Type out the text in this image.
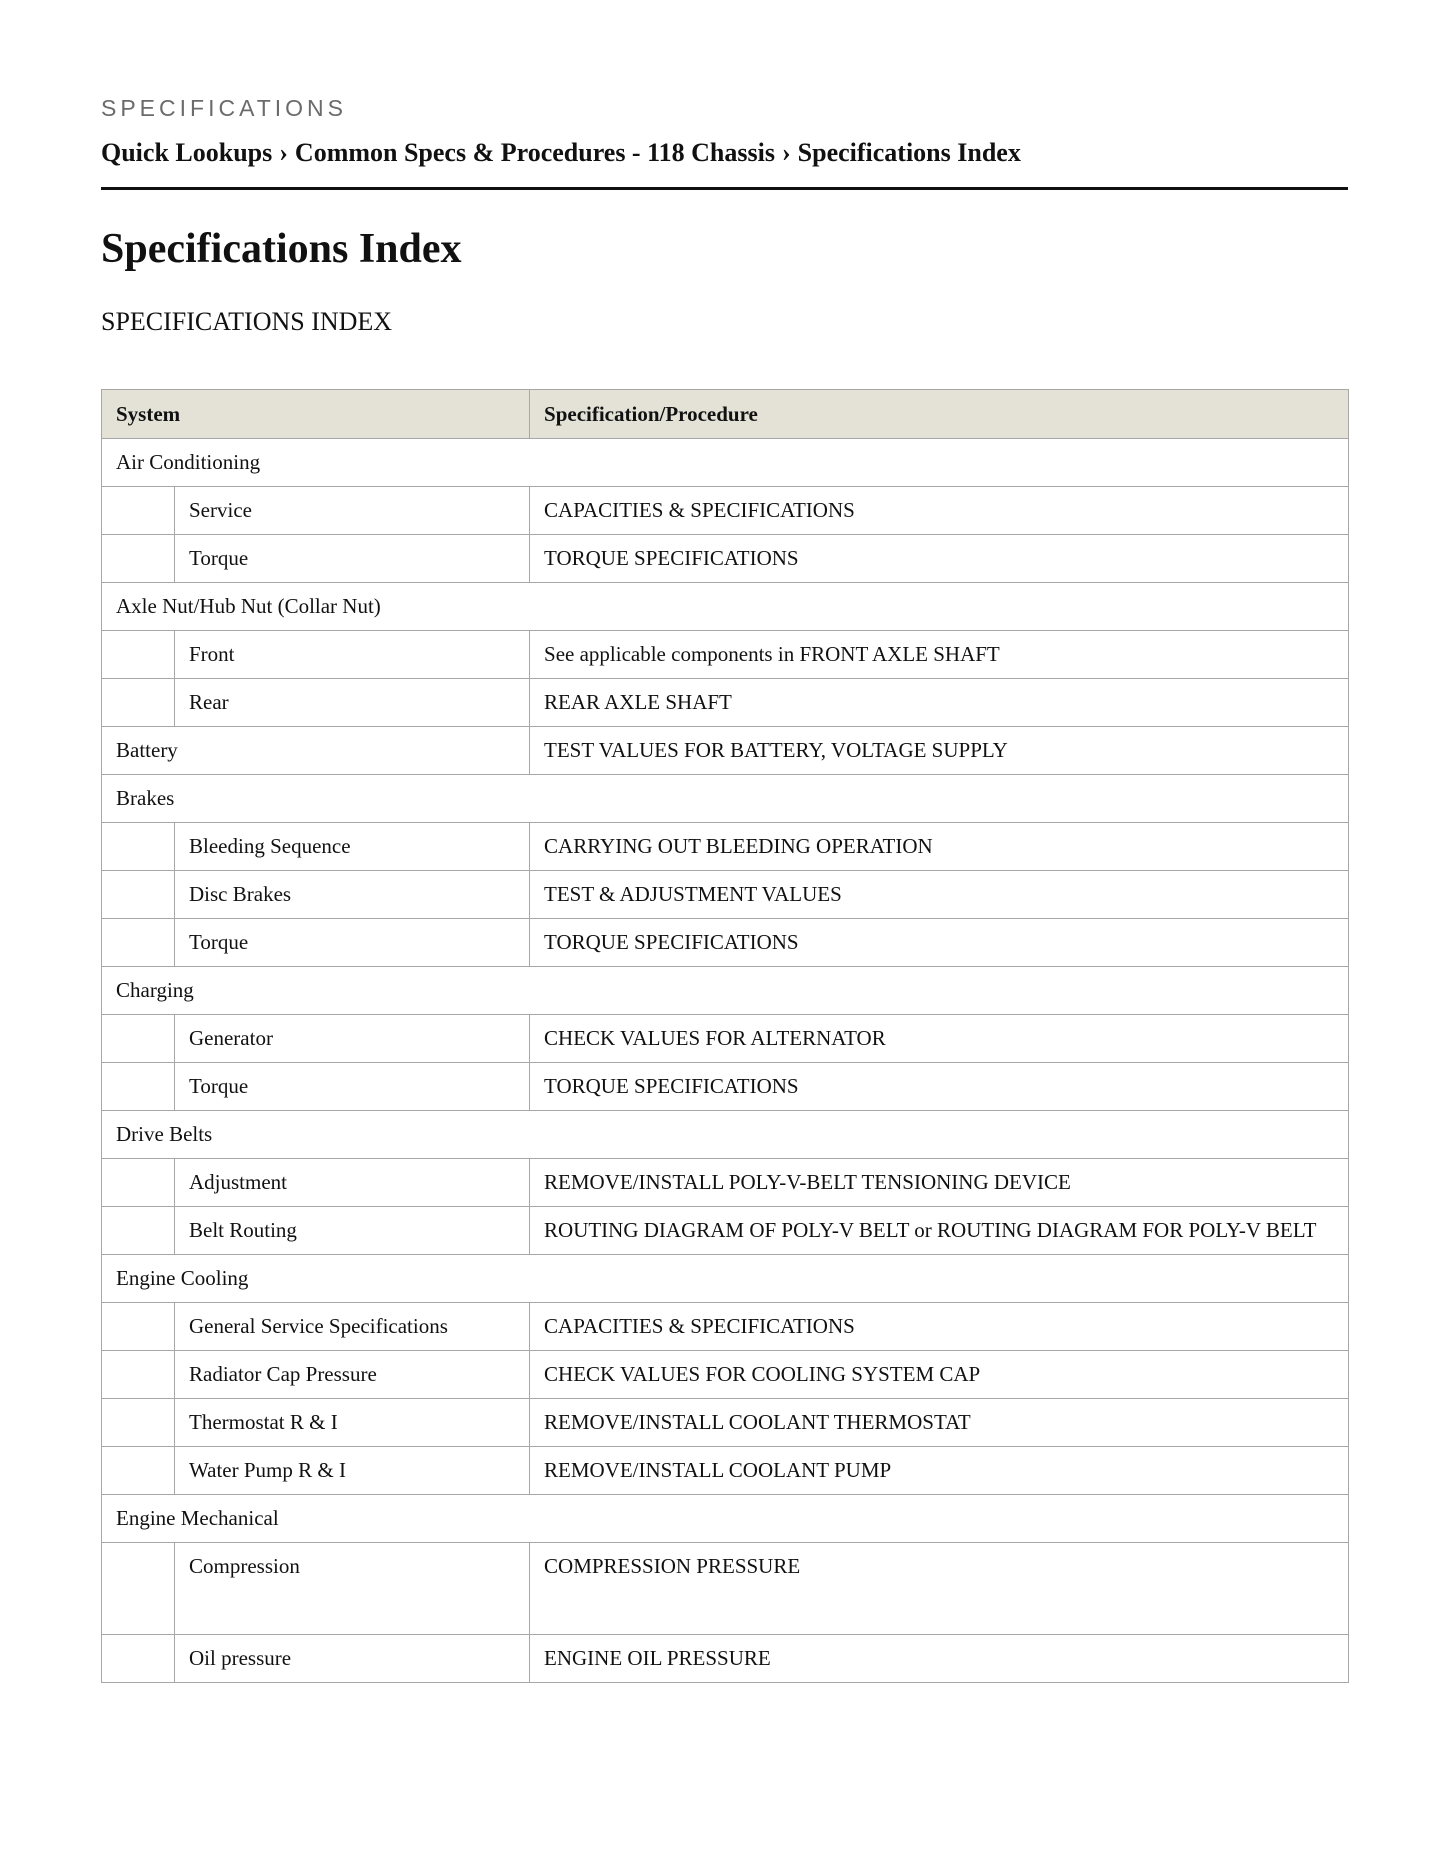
SPECIFICATIONS
Quick Lookups › Common Specs & Procedures - 118 Chassis › Specifications Index
Specifications Index
SPECIFICATIONS INDEX
System		Specification/Procedure
Air Conditioning		
	Service	CAPACITIES & SPECIFICATIONS
	Torque	TORQUE SPECIFICATIONS
Axle Nut/Hub Nut (Collar Nut)		
	Front	See applicable components in FRONT AXLE SHAFT
	Rear	REAR AXLE SHAFT
Battery		TEST VALUES FOR BATTERY, VOLTAGE SUPPLY
Brakes		
	Bleeding Sequence	CARRYING OUT BLEEDING OPERATION
	Disc Brakes	TEST & ADJUSTMENT VALUES
	Torque	TORQUE SPECIFICATIONS
Charging		
	Generator	CHECK VALUES FOR ALTERNATOR
	Torque	TORQUE SPECIFICATIONS
Drive Belts		
	Adjustment	REMOVE/INSTALL POLY-V-BELT TENSIONING DEVICE
	Belt Routing	ROUTING DIAGRAM OF POLY-V BELT or ROUTING DIAGRAM FOR POLY-V BELT
Engine Cooling		
	General Service Specifications	CAPACITIES & SPECIFICATIONS
	Radiator Cap Pressure	CHECK VALUES FOR COOLING SYSTEM CAP
	Thermostat R & I	REMOVE/INSTALL COOLANT THERMOSTAT
	Water Pump R & I	REMOVE/INSTALL COOLANT PUMP
Engine Mechanical		
	Compression	COMPRESSION PRESSURE
	Oil pressure	ENGINE OIL PRESSURE
